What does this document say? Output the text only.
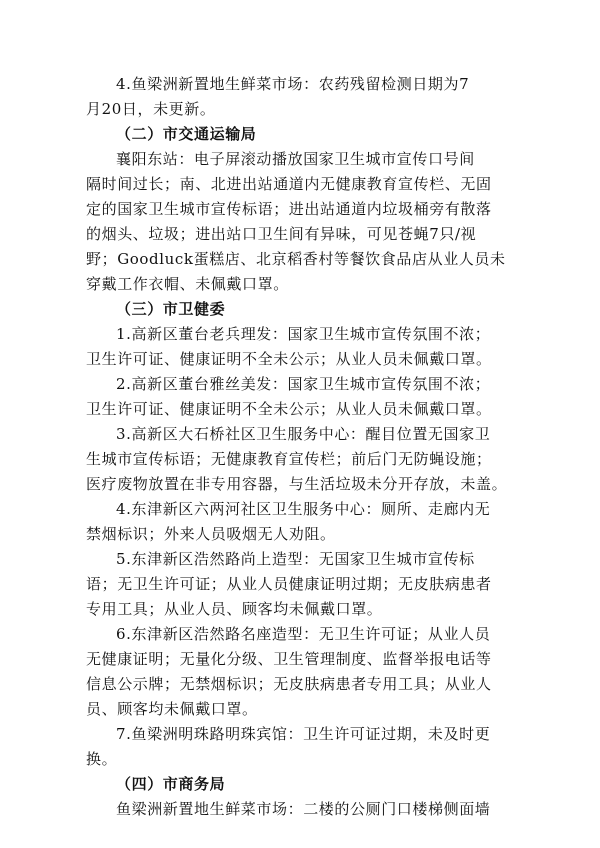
4.鱼梁洲新置地生鲜菜市场：农药残留检测日期为7
月20日，未更新。

（二）市交通运输局

襄阳东站：电子屏滚动播放国家卫生城市宣传口号间
隔时间过长；南、北进出站通道内无健康教育宣传栏、无固
定的国家卫生城市宣传标语；进出站通道内垃圾桶旁有散落
的烟头、垃圾；进出站口卫生间有异味，可见苍蝇7只/视
野；Goodluck蛋糕店、北京稻香村等餐饮食品店从业人员未
穿戴工作衣帽、未佩戴口罩。

（三）市卫健委

1.高新区董台老兵理发：国家卫生城市宣传氛围不浓；
卫生许可证、健康证明不全未公示；从业人员未佩戴口罩。

2.高新区董台雅丝美发：国家卫生城市宣传氛围不浓；
卫生许可证、健康证明不全未公示；从业人员未佩戴口罩。

3.高新区大石桥社区卫生服务中心：醒目位置无国家卫
生城市宣传标语；无健康教育宣传栏；前后门无防蝇设施；
医疗废物放置在非专用容器，与生活垃圾未分开存放，未盖。

4.东津新区六两河社区卫生服务中心：厕所、走廊内无
禁烟标识；外来人员吸烟无人劝阻。

5.东津新区浩然路尚上造型：无国家卫生城市宣传标
语；无卫生许可证；从业人员健康证明过期；无皮肤病患者
专用工具；从业人员、顾客均未佩戴口罩。

6.东津新区浩然路名座造型：无卫生许可证；从业人员
无健康证明；无量化分级、卫生管理制度、监督举报电话等
信息公示牌；无禁烟标识；无皮肤病患者专用工具；从业人
员、顾客均未佩戴口罩。

7.鱼梁洲明珠路明珠宾馆：卫生许可证过期，未及时更
换。

（四）市商务局

鱼梁洲新置地生鲜菜市场：二楼的公厕门口楼梯侧面墙
